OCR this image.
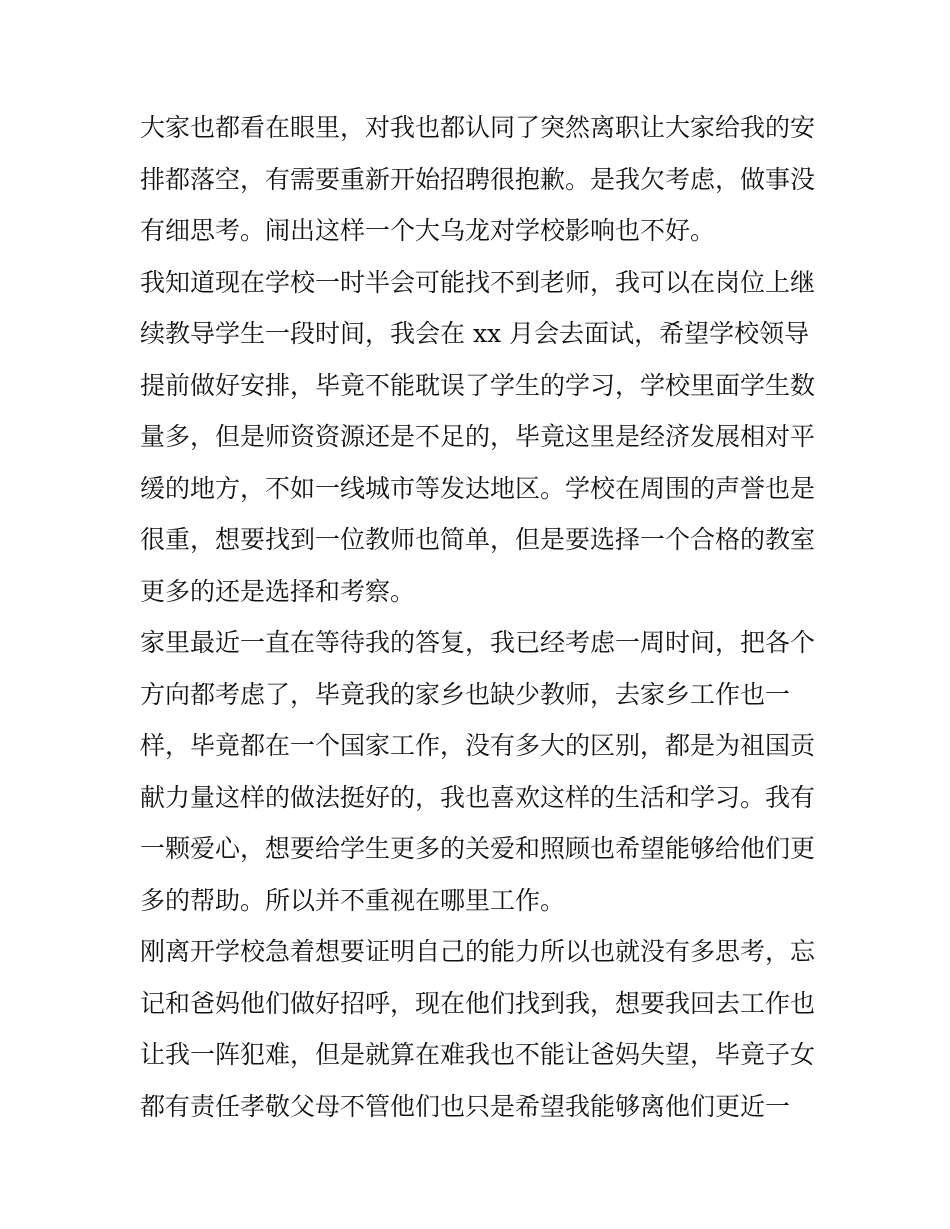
大家也都看在眼里，对我也都认同了突然离职让大家给我的安
排都落空，有需要重新开始招聘很抱歉。是我欠考虑，做事没
有细思考。闹出这样一个大乌龙对学校影响也不好。
我知道现在学校一时半会可能找不到老师，我可以在岗位上继
续教导学生一段时间，我会在 xx 月会去面试，希望学校领导
提前做好安排，毕竟不能耽误了学生的学习，学校里面学生数
量多，但是师资资源还是不足的，毕竟这里是经济发展相对平
缓的地方，不如一线城市等发达地区。学校在周围的声誉也是
很重，想要找到一位教师也简单，但是要选择一个合格的教室
更多的还是选择和考察。
家里最近一直在等待我的答复，我已经考虑一周时间，把各个
方向都考虑了，毕竟我的家乡也缺少教师，去家乡工作也一
样，毕竟都在一个国家工作，没有多大的区别，都是为祖国贡
献力量这样的做法挺好的，我也喜欢这样的生活和学习。我有
一颗爱心，想要给学生更多的关爱和照顾也希望能够给他们更
多的帮助。所以并不重视在哪里工作。
刚离开学校急着想要证明自己的能力所以也就没有多思考，忘
记和爸妈他们做好招呼，现在他们找到我，想要我回去工作也
让我一阵犯难，但是就算在难我也不能让爸妈失望，毕竟子女
都有责任孝敬父母不管他们也只是希望我能够离他们更近一
